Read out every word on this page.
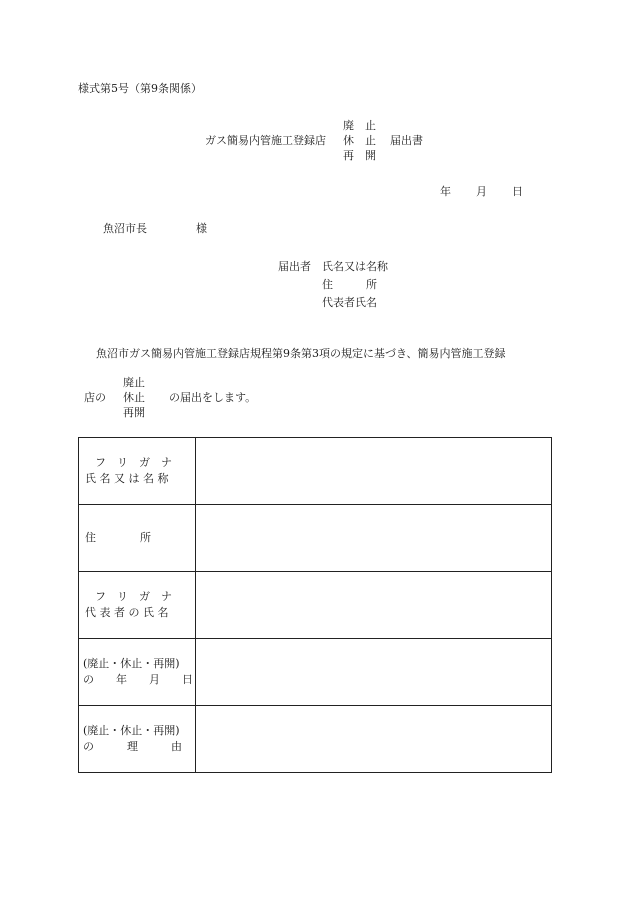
様式第5号（第9条関係）
廃　止
ガス簡易内管施工登録店 休　止 届出書
再　開
年 月 日
魚沼市長	様
届出者 氏名又は名称
住　　　所
代表者氏名
魚沼市ガス簡易内管施工登録店規程第9条第3項の規定に基づき、簡易内管施工登録
廃止
店の 休止 の届出をします。
再開
フ　リ　ガ　ナ
氏 名 又 は 名 称	

住　　　　所	

フ　リ　ガ　ナ
代 表 者 の 氏 名	

(廃止・休止・再開)
の　　年　　月　　日	

(廃止・休止・再開)
の　　　理　　　由	
